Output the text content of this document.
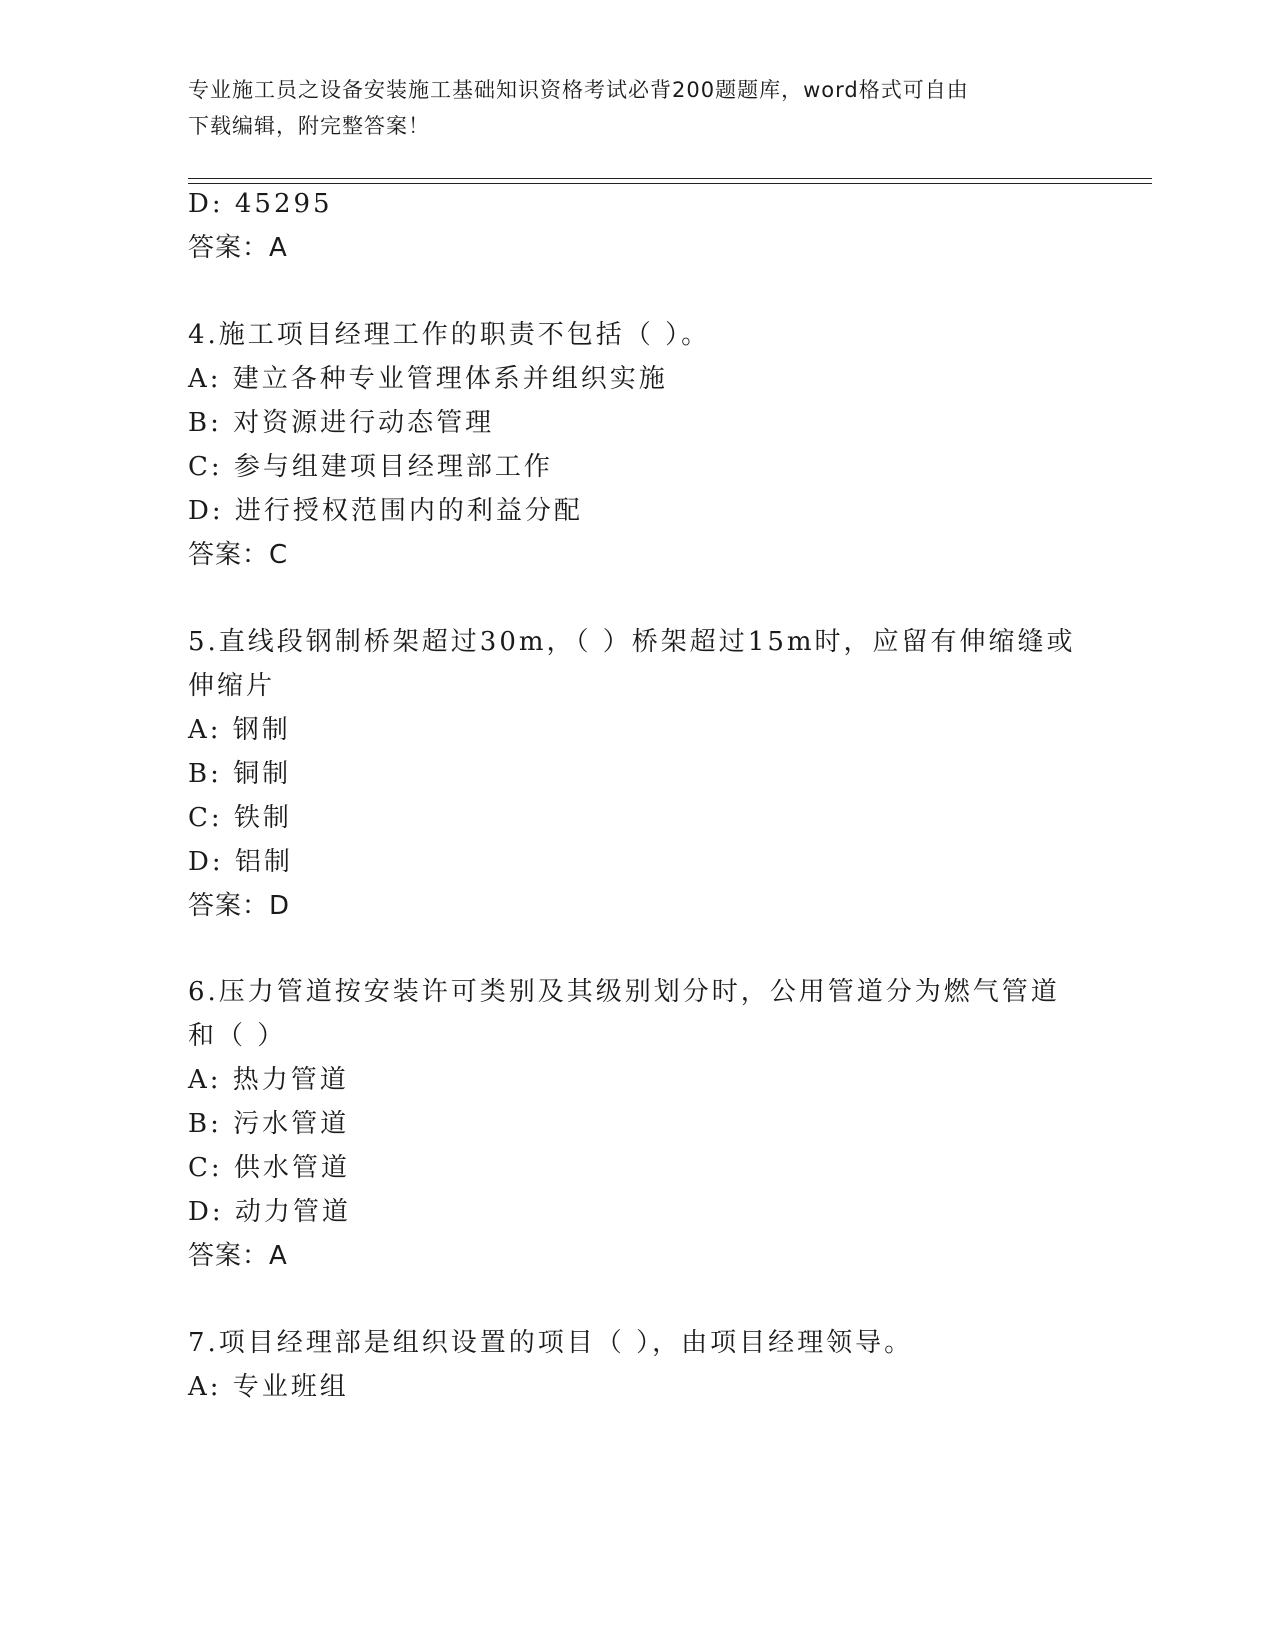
专业施工员之设备安装施工基础知识资格考试必背200题题库，word格式可自由
下载编辑，附完整答案！
D: 45295
答案：A
4.施工项目经理工作的职责不包括（ ）。
A: 建立各种专业管理体系并组织实施
B: 对资源进行动态管理
C: 参与组建项目经理部工作
D: 进行授权范围内的利益分配
答案：C
5.直线段钢制桥架超过30m，（ ）桥架超过15m时，应留有伸缩缝或
伸缩片
A: 钢制
B: 铜制
C: 铁制
D: 铝制
答案：D
6.压力管道按安装许可类别及其级别划分时，公用管道分为燃气管道
和（ ）
A: 热力管道
B: 污水管道
C: 供水管道
D: 动力管道
答案：A
7.项目经理部是组织设置的项目（ ），由项目经理领导。
A: 专业班组
